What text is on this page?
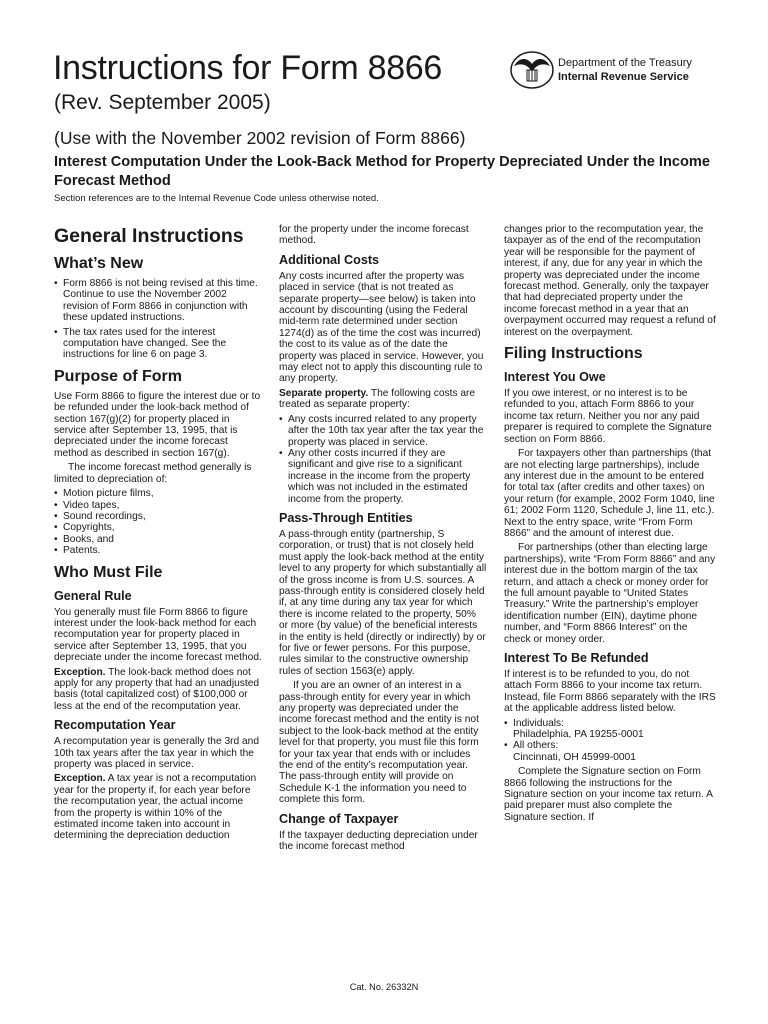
Instructions for Form 8866
(Rev. September 2005)
(Use with the November 2002 revision of Form 8866)
Interest Computation Under the Look-Back Method for Property Depreciated Under the Income Forecast Method
Section references are to the Internal Revenue Code unless otherwise noted.
Department of the Treasury
Internal Revenue Service
General Instructions
What’s New
• Form 8866 is not being revised at this time. Continue to use the November 2002 revision of Form 8866 in conjunction with these updated instructions.
• The tax rates used for the interest computation have changed. See the instructions for line 6 on page 3.
Purpose of Form
Use Form 8866 to figure the interest due or to be refunded under the look-back method of section 167(g)(2) for property placed in service after September 13, 1995, that is depreciated under the income forecast method as described in section 167(g).
The income forecast method generally is limited to depreciation of:
• Motion picture films,
• Video tapes,
• Sound recordings,
• Copyrights,
• Books, and
• Patents.
Who Must File
General Rule
You generally must file Form 8866 to figure interest under the look-back method for each recomputation year for property placed in service after September 13, 1995, that you depreciate under the income forecast method.
Exception. The look-back method does not apply for any property that had an unadjusted basis (total capitalized cost) of $100,000 or less at the end of the recomputation year.
Recomputation Year
A recomputation year is generally the 3rd and 10th tax years after the tax year in which the property was placed in service.
Exception. A tax year is not a recomputation year for the property if, for each year before the recomputation year, the actual income from the property is within 10% of the estimated income taken into account in determining the depreciation deduction
for the property under the income forecast method.
Additional Costs
Any costs incurred after the property was placed in service (that is not treated as separate property—see below) is taken into account by discounting (using the Federal mid-term rate determined under section 1274(d) as of the time the cost was incurred) the cost to its value as of the date the property was placed in service. However, you may elect not to apply this discounting rule to any property.
Separate property. The following costs are treated as separate property:
• Any costs incurred related to any property after the 10th tax year after the tax year the property was placed in service.
• Any other costs incurred if they are significant and give rise to a significant increase in the income from the property which was not included in the estimated income from the property.
Pass-Through Entities
A pass-through entity (partnership, S corporation, or trust) that is not closely held must apply the look-back method at the entity level to any property for which substantially all of the gross income is from U.S. sources. A pass-through entity is considered closely held if, at any time during any tax year for which there is income related to the property, 50% or more (by value) of the beneficial interests in the entity is held (directly or indirectly) by or for five or fewer persons. For this purpose, rules similar to the constructive ownership rules of section 1563(e) apply.
If you are an owner of an interest in a pass-through entity for every year in which any property was depreciated under the income forecast method and the entity is not subject to the look-back method at the entity level for that property, you must file this form for your tax year that ends with or includes the end of the entity’s recomputation year. The pass-through entity will provide on Schedule K-1 the information you need to complete this form.
Change of Taxpayer
If the taxpayer deducting depreciation under the income forecast method
changes prior to the recomputation year, the taxpayer as of the end of the recomputation year will be responsible for the payment of interest, if any, due for any year in which the property was depreciated under the income forecast method. Generally, only the taxpayer that had depreciated property under the income forecast method in a year that an overpayment occurred may request a refund of interest on the overpayment.
Filing Instructions
Interest You Owe
If you owe interest, or no interest is to be refunded to you, attach Form 8866 to your income tax return. Neither you nor any paid preparer is required to complete the Signature section on Form 8866.
For taxpayers other than partnerships (that are not electing large partnerships), include any interest due in the amount to be entered for total tax (after credits and other taxes) on your return (for example, 2002 Form 1040, line 61; 2002 Form 1120, Schedule J, line 11, etc.). Next to the entry space, write “From Form 8866” and the amount of interest due.
For partnerships (other than electing large partnerships), write “From Form 8866” and any interest due in the bottom margin of the tax return, and attach a check or money order for the full amount payable to “United States Treasury.” Write the partnership’s employer identification number (EIN), daytime phone number, and “Form 8866 Interest” on the check or money order.
Interest To Be Refunded
If interest is to be refunded to you, do not attach Form 8866 to your income tax return. Instead, file Form 8866 separately with the IRS at the applicable address listed below.
• Individuals:
Philadelphia, PA 19255-0001
• All others:
Cincinnati, OH 45999-0001
Complete the Signature section on Form 8866 following the instructions for the Signature section on your income tax return. A paid preparer must also complete the Signature section. If
Cat. No. 26332N
